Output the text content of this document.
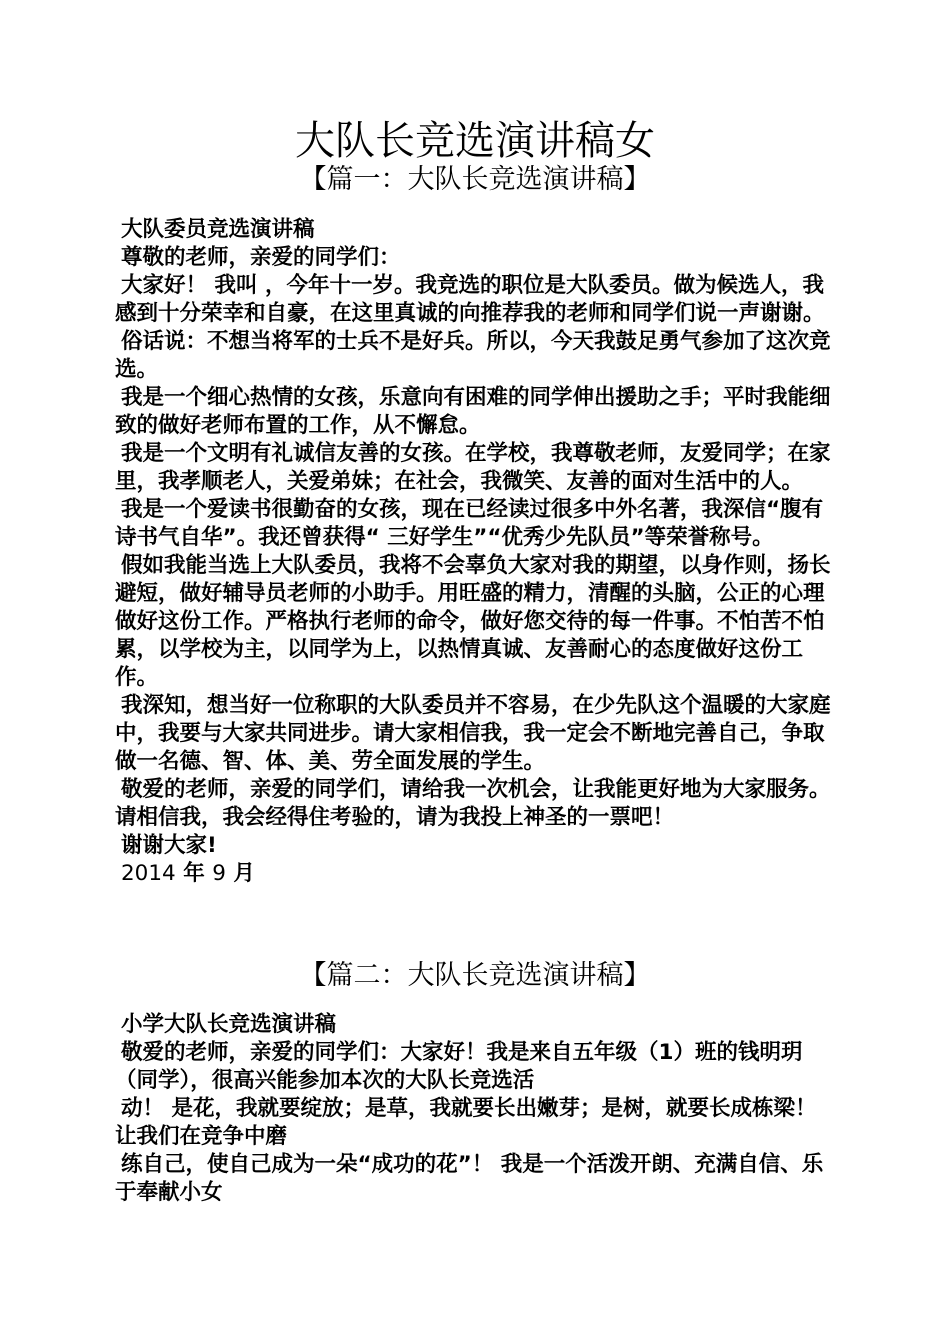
大队长竞选演讲稿女
【篇一：大队长竞选演讲稿】

大队委员竞选演讲稿

尊敬的老师，亲爱的同学们：

大家好！ 我叫 ，今年十一岁。我竞选的职位是大队委员。做为候选人，我感到十分荣幸和自豪，在这里真诚的向推荐我的老师和同学们说一声谢谢。

俗话说：不想当将军的士兵不是好兵。所以，今天我鼓足勇气参加了这次竞选。

我是一个细心热情的女孩，乐意向有困难的同学伸出援助之手；平时我能细致的做好老师布置的工作，从不懈怠。

我是一个文明有礼诚信友善的女孩。在学校，我尊敬老师，友爱同学；在家里，我孝顺老人，关爱弟妹；在社会，我微笑、友善的面对生活中的人。

我是一个爱读书很勤奋的女孩，现在已经读过很多中外名著，我深信“腹有诗书气自华”。我还曾获得“ 三好学生”“优秀少先队员”等荣誉称号。

假如我能当选上大队委员，我将不会辜负大家对我的期望，以身作则，扬长避短，做好辅导员老师的小助手。用旺盛的精力，清醒的头脑，公正的心理做好这份工作。严格执行老师的命令，做好您交待的每一件事。不怕苦不怕累，以学校为主，以同学为上，以热情真诚、友善耐心的态度做好这份工作。

我深知，想当好一位称职的大队委员并不容易，在少先队这个温暖的大家庭中，我要与大家共同进步。请大家相信我，我一定会不断地完善自己，争取做一名德、智、体、美、劳全面发展的学生。

敬爱的老师，亲爱的同学们，请给我一次机会，让我能更好地为大家服务。请相信我，我会经得住考验的，请为我投上神圣的一票吧！

谢谢大家!

2014 年 9 月

【篇二：大队长竞选演讲稿】

小学大队长竞选演讲稿

敬爱的老师，亲爱的同学们：大家好！我是来自五年级（1）班的钱明玥（同学），很高兴能参加本次的大队长竞选活

动！ 是花，我就要绽放；是草，我就要长出嫩芽；是树，就要长成栋梁！让我们在竞争中磨

练自己，使自己成为一朵“成功的花”！ 我是一个活泼开朗、充满自信、乐于奉献小女
